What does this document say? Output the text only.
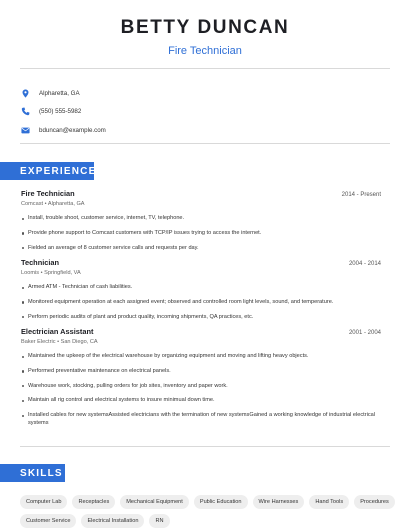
BETTY DUNCAN
Fire Technician
Alpharetta, GA
(550) 555-5982
bduncan@example.com
EXPERIENCE
Fire Technician	2014 - Present
Comcast • Alpharetta, GA
Install, trouble shoot, customer service, internet, TV, telephone.
Provide phone support to Comcast customers with TCP/IP issues trying to access the internet.
Fielded an average of 8 customer service calls and requests per day.
Technician	2004 - 2014
Loomis • Springfield, VA
Armed ATM - Technician of cash liabilities.
Monitored equipment operation at each assigned event; observed and controlled room light levels, sound, and temperature.
Perform periodic audits of plant and product quality, incoming shipments, QA practices, etc.
Electrician Assistant	2001 - 2004
Baker Electric • San Diego, CA
Maintained the upkeep of the electrical warehouse by organizing equipment and moving and lifting heavy objects.
Performed preventative maintenance on electrical panels.
Warehouse work, stocking, pulling orders for job sites, inventory and paper work.
Maintain all rig control and electrical systems to insure minimual down time.
Installed cables for new systemsAssisted electricians with the termination of new systemsGained a working knowledge of industrial electrical systems
SKILLS
Computer Lab	Receptacles	Mechanical Equipment	Public Education	Wire Harnesses	Hand Tools	Procedures
Customer Service	Electrical Installation	RN
